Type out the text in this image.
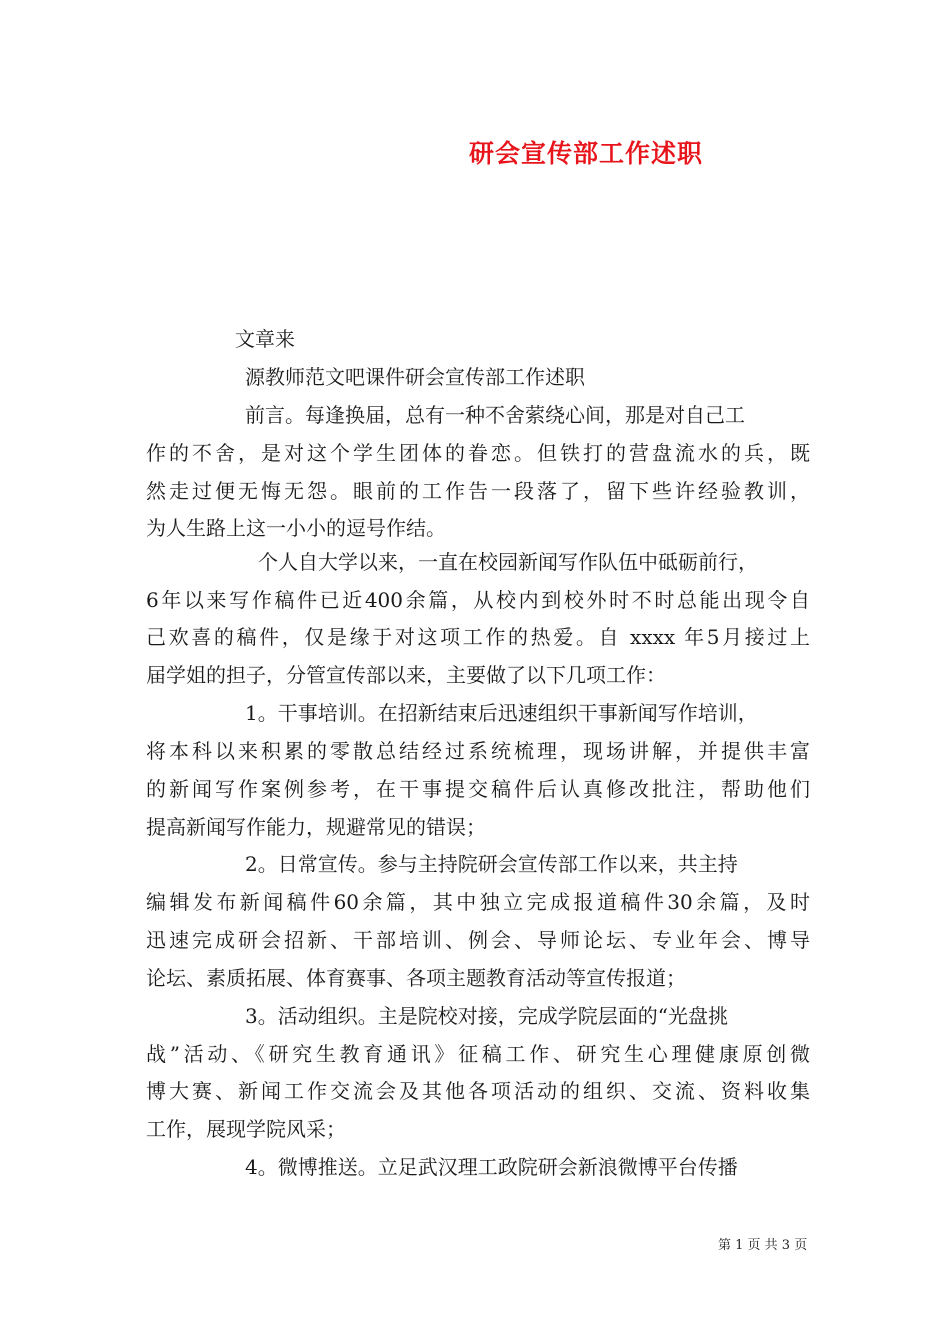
研会宣传部工作述职
文章来
源教师范文吧课件研会宣传部工作述职
前言。每逢换届，总有一种不舍萦绕心间，那是对自己工
作的不舍，是对这个学生团体的眷恋。但铁打的营盘流水的兵，既
然走过便无悔无怨。眼前的工作告一段落了，留下些许经验教训，
为人生路上这一小小的逗号作结。
个人自大学以来，一直在校园新闻写作队伍中砥砺前行，
6年以来写作稿件已近400余篇，从校内到校外时不时总能出现令自
己欢喜的稿件，仅是缘于对这项工作的热爱。自 xxxx 年5月接过上
届学姐的担子，分管宣传部以来，主要做了以下几项工作：
1。干事培训。在招新结束后迅速组织干事新闻写作培训，
将本科以来积累的零散总结经过系统梳理，现场讲解，并提供丰富
的新闻写作案例参考，在干事提交稿件后认真修改批注，帮助他们
提高新闻写作能力，规避常见的错误；
2。日常宣传。参与主持院研会宣传部工作以来，共主持
编辑发布新闻稿件60余篇，其中独立完成报道稿件30余篇，及时
迅速完成研会招新、干部培训、例会、导师论坛、专业年会、博导
论坛、素质拓展、体育赛事、各项主题教育活动等宣传报道；
3。活动组织。主是院校对接，完成学院层面的“光盘挑
战”活动、《研究生教育通讯》征稿工作、研究生心理健康原创微
博大赛、新闻工作交流会及其他各项活动的组织、交流、资料收集
工作，展现学院风采；
4。微博推送。立足武汉理工政院研会新浪微博平台传播
第 1 页 共 3 页
